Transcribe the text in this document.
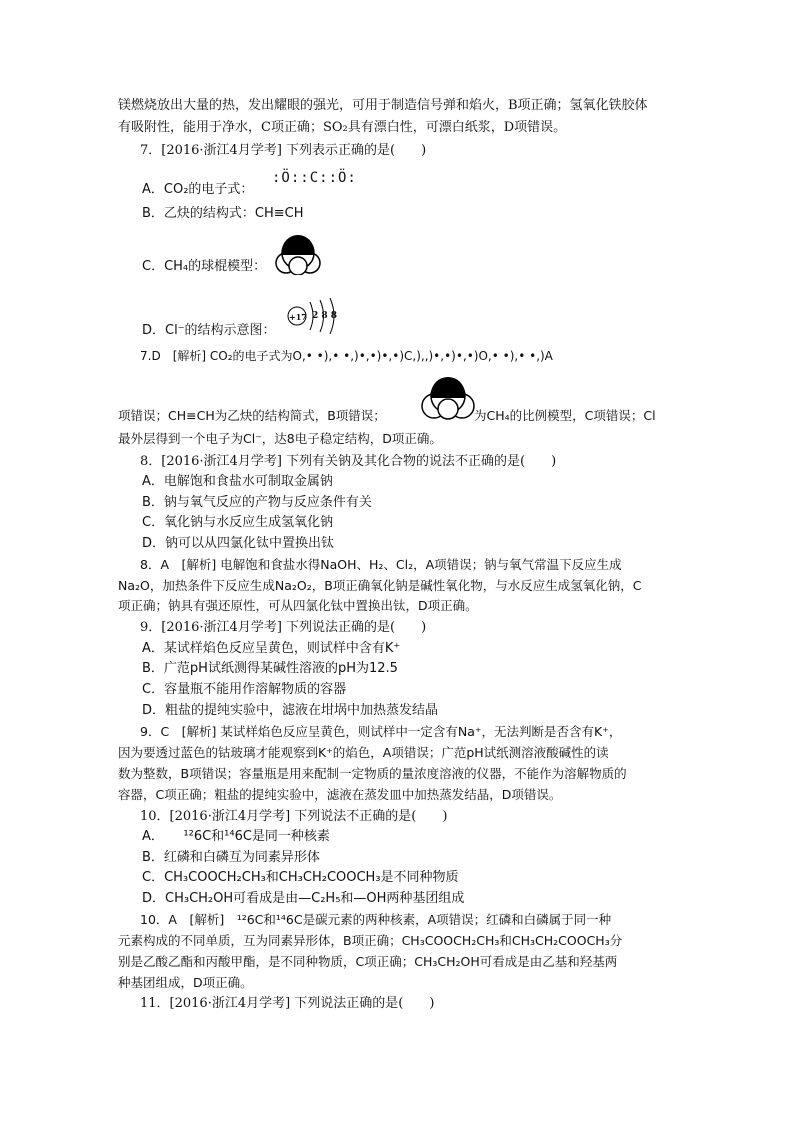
镁燃烧放出大量的热，发出耀眼的强光，可用于制造信号弹和焰火，B项正确；氢氧化铁胶体
有吸附性，能用于净水，C项正确；SO₂具有漂白性，可漂白纸浆，D项错误。
7．[2016·浙江4月学考] 下列表示正确的是(　　)
A．CO₂的电子式：
:Ö::C::Ö:
B．乙炔的结构式：CH≡CH
C．CH₄的球棍模型：
+17 2 8 8
D．Cl⁻的结构示意图：
7.D　[解析] CO₂的电子式为O,• •),• •,)•,•)•,•)C,),,)•,•)•,•)O,• •),• •,)A
项错误；CH≡CH为乙炔的结构简式，B项错误；	为CH₄的比例模型，C项错误；Cl
最外层得到一个电子为Cl⁻，达8电子稳定结构，D项正确。
8．[2016·浙江4月学考] 下列有关钠及其化合物的说法不正确的是(　　)
A．电解饱和食盐水可制取金属钠
B．钠与氧气反应的产物与反应条件有关
C．氧化钠与水反应生成氢氧化钠
D．钠可以从四氯化钛中置换出钛
8．A　[解析] 电解饱和食盐水得NaOH、H₂、Cl₂，A项错误；钠与氧气常温下反应生成
Na₂O，加热条件下反应生成Na₂O₂，B项正确氧化钠是碱性氧化物，与水反应生成氢氧化钠，C
项正确；钠具有强还原性，可从四氯化钛中置换出钛，D项正确。
9．[2016·浙江4月学考] 下列说法正确的是(　　)
A．某试样焰色反应呈黄色，则试样中含有K⁺
B．广范pH试纸测得某碱性溶液的pH为12.5
C．容量瓶不能用作溶解物质的容器
D．粗盐的提纯实验中，滤液在坩埚中加热蒸发结晶
9．C　[解析] 某试样焰色反应呈黄色，则试样中一定含有Na⁺，无法判断是否含有K⁺，
因为要透过蓝色的钴玻璃才能观察到K⁺的焰色，A项错误；广范pH试纸测溶液酸碱性的读
数为整数，B项错误；容量瓶是用来配制一定物质的量浓度溶液的仪器，不能作为溶解物质的
容器，C项正确；粗盐的提纯实验中，滤液在蒸发皿中加热蒸发结晶，D项错误。
10．[2016·浙江4月学考] 下列说法不正确的是(　　)
A．　　¹²6C和¹⁴6C是同一种核素
B．红磷和白磷互为同素异形体
C．CH₃COOCH₂CH₃和CH₃CH₂COOCH₃是不同种物质
D．CH₃CH₂OH可看成是由—C₂H₅和—OH两种基团组成
10．A　[解析]　¹²6C和¹⁴6C是碳元素的两种核素，A项错误；红磷和白磷属于同一种
元素构成的不同单质，互为同素异形体，B项正确；CH₃COOCH₂CH₃和CH₃CH₂COOCH₃分
别是乙酸乙酯和丙酸甲酯，是不同种物质，C项正确；CH₃CH₂OH可看成是由乙基和羟基两
种基团组成，D项正确。
11．[2016·浙江4月学考] 下列说法正确的是(　　)
